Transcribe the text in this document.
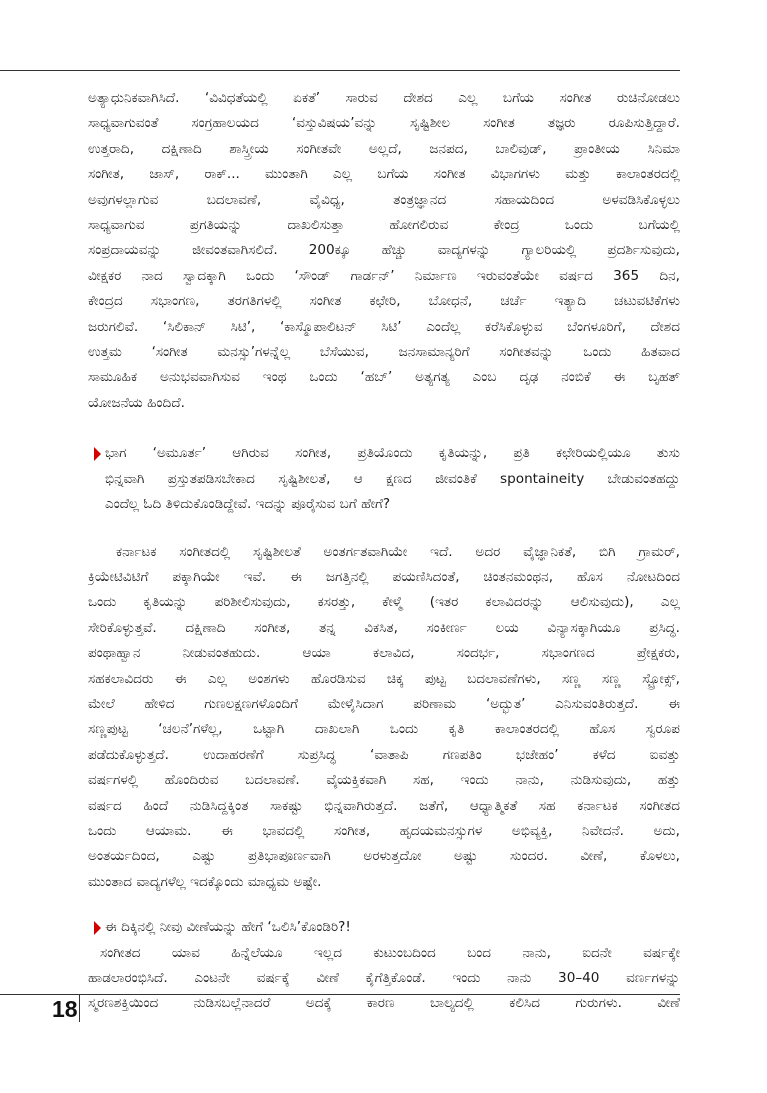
ಅತ್ಯಾಧುನಿಕವಾಗಿಸಿದೆ. ‘ವಿವಿಧತೆಯಲ್ಲಿ ಏಕತೆ’ ಸಾರುವ ದೇಶದ ಎಲ್ಲ ಬಗೆಯ ಸಂಗೀತ ರುಚಿನೋಡಲು
ಸಾಧ್ಯವಾಗುವಂತೆ ಸಂಗ್ರಹಾಲಯದ ‘ವಸ್ತುವಿಷಯ’ವನ್ನು ಸೃಷ್ಟಿಶೀಲ ಸಂಗೀತ ತಜ್ಞರು ರೂಪಿಸುತ್ತಿದ್ದಾರೆ.
ಉತ್ತರಾದಿ, ದಕ್ಷಿಣಾದಿ ಶಾಸ್ತ್ರೀಯ ಸಂಗೀತವೇ ಅಲ್ಲದೆ, ಜನಪದ, ಬಾಲಿವುಡ್, ಪ್ರಾಂತೀಯ ಸಿನಿಮಾ
ಸಂಗೀತ, ಜಾಸ್, ರಾಕ್... ಮುಂತಾಗಿ ಎಲ್ಲ ಬಗೆಯ ಸಂಗೀತ ವಿಭಾಗಗಳು ಮತ್ತು ಕಾಲಾಂತರದಲ್ಲಿ
ಅವುಗಳಲ್ಲಾಗುವ ಬದಲಾವಣೆ, ವೈವಿಧ್ಯ, ತಂತ್ರಜ್ಞಾನದ ಸಹಾಯದಿಂದ ಅಳವಡಿಸಿಕೊಳ್ಳಲು
ಸಾಧ್ಯವಾಗುವ ಪ್ರಗತಿಯನ್ನು ದಾಖಲಿಸುತ್ತಾ ಹೋಗಲಿರುವ ಕೇಂದ್ರ ಒಂದು ಬಗೆಯಲ್ಲಿ
ಸಂಪ್ರದಾಯವನ್ನು ಜೀವಂತವಾಗಿಸಲಿದೆ. 200ಕ್ಕೂ ಹೆಚ್ಚು ವಾದ್ಯಗಳನ್ನು ಗ್ಯಾಲರಿಯಲ್ಲಿ ಪ್ರದರ್ಶಿಸುವುದು,
ವೀಕ್ಷಕರ ನಾದ ಸ್ವಾದಕ್ಕಾಗಿ ಒಂದು ‘ಸೌಂಡ್ ಗಾರ್ಡನ್’ ನಿರ್ಮಾಣ ಇರುವಂತೆಯೇ ವರ್ಷದ 365 ದಿನ,
ಕೇಂದ್ರದ ಸಭಾಂಗಣ, ತರಗತಿಗಳಲ್ಲಿ ಸಂಗೀತ ಕಛೇರಿ, ಬೋಧನೆ, ಚರ್ಚೆ ಇತ್ಯಾದಿ ಚಟುವಟಿಕೆಗಳು
ಜರುಗಲಿವೆ. ‘ಸಿಲಿಕಾನ್ ಸಿಟಿ’, ‘ಕಾಸ್ಮೊಪಾಲಿಟನ್ ಸಿಟಿ’ ಎಂದೆಲ್ಲ ಕರೆಸಿಕೊಳ್ಳುವ ಬೆಂಗಳೂರಿಗೆ, ದೇಶದ
ಉತ್ತಮ ‘ಸಂಗೀತ ಮನಸ್ಸು’ಗಳನ್ನೆಲ್ಲ ಬೆಸೆಯುವ, ಜನಸಾಮಾನ್ಯರಿಗೆ ಸಂಗೀತವನ್ನು ಒಂದು ಹಿತವಾದ
ಸಾಮೂಹಿಕ ಅನುಭವವಾಗಿಸುವ ಇಂಥ ಒಂದು ‘ಹಬ್’ ಅತ್ಯಗತ್ಯ ಎಂಬ ದೃಢ ನಂಬಿಕೆ ಈ ಬೃಹತ್
ಯೋಜನೆಯ ಹಿಂದಿದೆ.
ಭಾಗ ‘ಅಮೂರ್ತ’ ಆಗಿರುವ ಸಂಗೀತ, ಪ್ರತಿಯೊಂದು ಕೃತಿಯನ್ನು, ಪ್ರತಿ ಕಛೇರಿಯಲ್ಲಿಯೂ ತುಸು
ಭಿನ್ನವಾಗಿ ಪ್ರಸ್ತುತಪಡಿಸಬೇಕಾದ ಸೃಷ್ಟಿಶೀಲತೆ, ಆ ಕ್ಷಣದ ಜೀವಂತಿಕೆ spontaineity ಬೇಡುವಂತಹದ್ದು
ಎಂದೆಲ್ಲ ಓದಿ ತಿಳಿದುಕೊಂಡಿದ್ದೇವೆ. ಇದನ್ನು ಪೂರೈಸುವ ಬಗೆ ಹೇಗೆ?
ಕರ್ನಾಟಕ ಸಂಗೀತದಲ್ಲಿ ಸೃಷ್ಟಿಶೀಲತೆ ಅಂತರ್ಗತವಾಗಿಯೇ ಇದೆ. ಅದರ ವೈಜ್ಞಾನಿಕತೆ, ಬಿಗಿ ಗ್ರಾಮರ್,
ಕ್ರಿಯೇಟಿವಿಟಿಗೆ ಪಕ್ಕಾಗಿಯೇ ಇವೆ. ಈ ಜಗತ್ತಿನಲ್ಲಿ ಪಯಣಿಸಿದಂತೆ, ಚಿಂತನಮಂಥನ, ಹೊಸ ನೋಟದಿಂದ
ಒಂದು ಕೃತಿಯನ್ನು ಪರಿಶೀಲಿಸುವುದು, ಕಸರತ್ತು, ಕೇಳ್ಮೆ (ಇತರ ಕಲಾವಿದರನ್ನು ಆಲಿಸುವುದು), ಎಲ್ಲ
ಸೇರಿಕೊಳ್ಳುತ್ತವೆ. ದಕ್ಷಿಣಾದಿ ಸಂಗೀತ, ತನ್ನ ವಿಕಸಿತ, ಸಂಕೀರ್ಣ ಲಯ ವಿನ್ಯಾಸಕ್ಕಾಗಿಯೂ ಪ್ರಸಿದ್ಧ.
ಪಂಥಾಹ್ವಾನ ನೀಡುವಂತಹುದು. ಆಯಾ ಕಲಾವಿದ, ಸಂದರ್ಭ, ಸಭಾಂಗಣದ ಪ್ರೇಕ್ಷಕರು,
ಸಹಕಲಾವಿದರು ಈ ಎಲ್ಲ ಅಂಶಗಳು ಹೊರಡಿಸುವ ಚಿಕ್ಕ ಪುಟ್ಟ ಬದಲಾವಣೆಗಳು, ಸಣ್ಣ ಸಣ್ಣ ಸ್ಟ್ರೋಕ್ಸ್,
ಮೇಲೆ ಹೇಳಿದ ಗುಣಲಕ್ಷಣಗಳೊಂದಿಗೆ ಮೇಳೈಸಿದಾಗ ಪರಿಣಾಮ ‘ಅದ್ಭುತ’ ಎನಿಸುವಂತಿರುತ್ತದೆ. ಈ
ಸಣ್ಣಪುಟ್ಟ ‘ಚಲನೆ’ಗಳೆಲ್ಲ, ಒಟ್ಟಾಗಿ ದಾಖಲಾಗಿ ಒಂದು ಕೃತಿ ಕಾಲಾಂತರದಲ್ಲಿ ಹೊಸ ಸ್ವರೂಪ
ಪಡೆದುಕೊಳ್ಳುತ್ತದೆ. ಉದಾಹರಣೆಗೆ ಸುಪ್ರಸಿದ್ಧ ‘ವಾತಾಪಿ ಗಣಪತಿಂ ಭಜೇಹಂ’ ಕಳೆದ ಐವತ್ತು
ವರ್ಷಗಳಲ್ಲಿ ಹೊಂದಿರುವ ಬದಲಾವಣೆ. ವೈಯಕ್ತಿಕವಾಗಿ ಸಹ, ಇಂದು ನಾನು, ನುಡಿಸುವುದು, ಹತ್ತು
ವರ್ಷದ ಹಿಂದೆ ನುಡಿಸಿದ್ದಕ್ಕಿಂತ ಸಾಕಷ್ಟು ಭಿನ್ನವಾಗಿರುತ್ತದೆ. ಜತೆಗೆ, ಆಧ್ಯಾತ್ಮಿಕತೆ ಸಹ ಕರ್ನಾಟಕ ಸಂಗೀತದ
ಒಂದು ಆಯಾಮ. ಈ ಭಾವದಲ್ಲಿ ಸಂಗೀತ, ಹೃದಯಮನಸ್ಸುಗಳ ಅಭಿವ್ಯಕ್ತಿ, ನಿವೇದನೆ. ಅದು,
ಅಂತರ್ಯದಿಂದ, ಎಷ್ಟು ಪ್ರತಿಭಾಪೂರ್ಣವಾಗಿ ಅರಳುತ್ತದೋ ಅಷ್ಟು ಸುಂದರ. ವೀಣೆ, ಕೊಳಲು,
ಮುಂತಾದ ವಾದ್ಯಗಳೆಲ್ಲ ಇದಕ್ಕೊಂದು ಮಾಧ್ಯಮ ಅಷ್ಟೇ.
ಈ ದಿಕ್ಕಿನಲ್ಲಿ ನೀವು ವೀಣೆಯನ್ನು ಹೇಗೆ ‘ಒಲಿಸಿ’ಕೊಂಡಿರಿ?!
ಸಂಗೀತದ ಯಾವ ಹಿನ್ನೆಲೆಯೂ ಇಲ್ಲದ ಕುಟುಂಬದಿಂದ ಬಂದ ನಾನು, ಐದನೇ ವರ್ಷಕ್ಕೇ
ಹಾಡಲಾರಂಭಿಸಿದೆ. ಎಂಟನೇ ವರ್ಷಕ್ಕೆ ವೀಣೆ ಕೈಗೆತ್ತಿಕೊಂಡೆ. ಇಂದು ನಾನು 30–40 ವರ್ಣಗಳನ್ನು
ಸ್ಮರಣಶಕ್ತಿಯಿಂದ ನುಡಿಸಬಲ್ಲೆನಾದರೆ ಅದಕ್ಕೆ ಕಾರಣ ಬಾಲ್ಯದಲ್ಲಿ ಕಲಿಸಿದ ಗುರುಗಳು. ವೀಣೆ
18
